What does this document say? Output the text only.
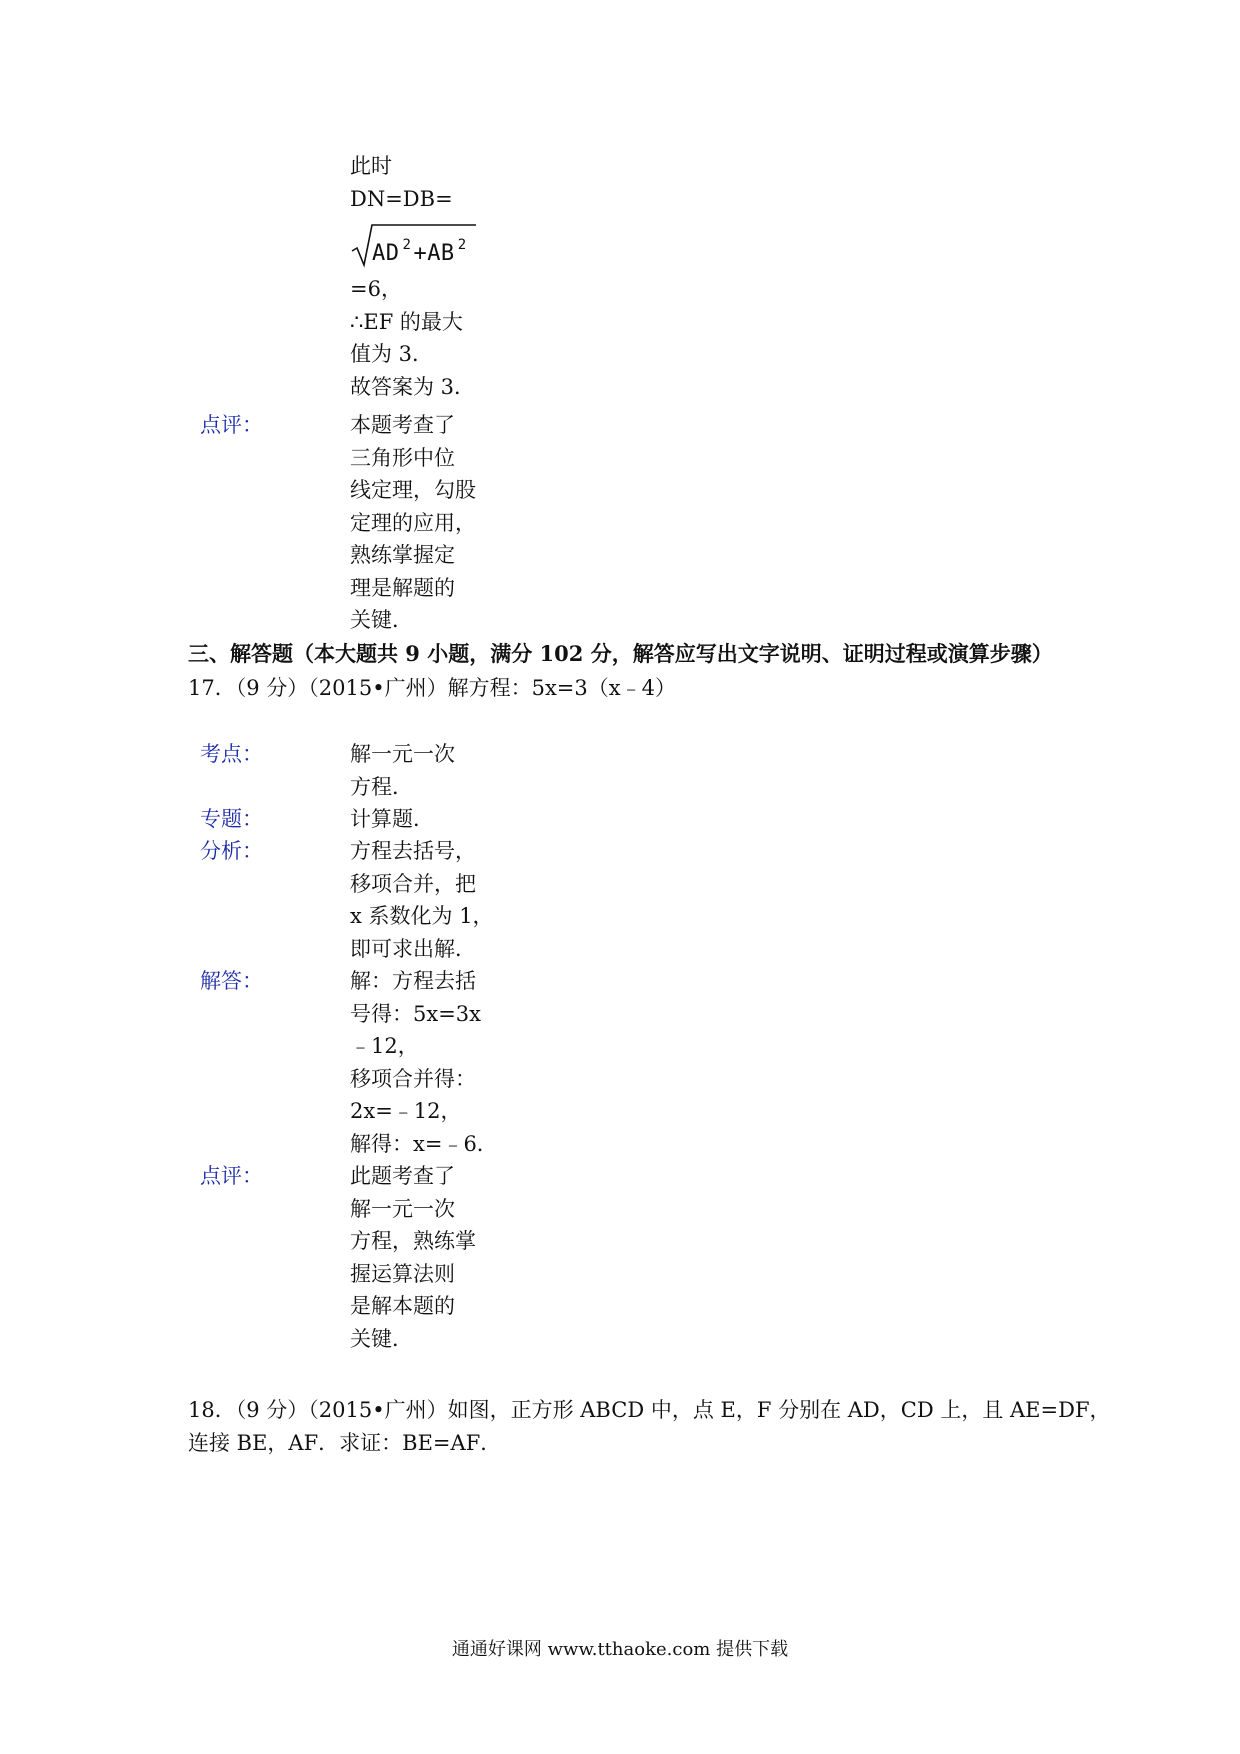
此时
DN=DB=
AD $^2$+AB $^2$
=6，
∴EF 的最大
值为 3．
故答案为 3．
点评：	本题考查了
三角形中位
线定理，勾股
定理的应用，
熟练掌握定
理是解题的
关键．
三、解答题（本大题共 9 小题，满分 102 分，解答应写出文字说明、证明过程或演算步骤）
17．（9 分）（2015•广州）解方程：5x=3（x﹣4）
考点：	解一元一次
方程．
专题：	计算题．
分析：	方程去括号，
移项合并，把
x 系数化为 1，
即可求出解．
解答：	解：方程去括
号得：5x=3x
﹣12，
移项合并得：
2x=﹣12，
解得：x=﹣6．
点评：	此题考查了
解一元一次
方程，熟练掌
握运算法则
是解本题的
关键．
18．（9 分）（2015•广州）如图，正方形 ABCD 中，点 E，F 分别在 AD，CD 上，且 AE=DF，
连接 BE，AF．求证：BE=AF．
通通好课网 www.tthaoke.com 提供下载
